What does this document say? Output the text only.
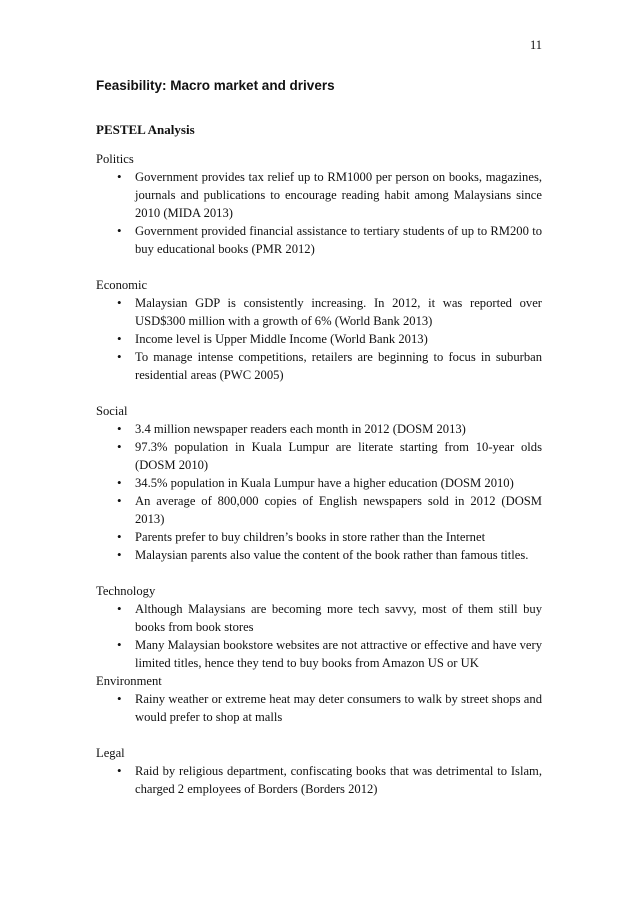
11
Feasibility: Macro market and drivers
PESTEL Analysis

Politics

• Government provides tax relief up to RM1000 per person on books, magazines, journals and publications to encourage reading habit among Malaysians since 2010 (MIDA 2013)
• Government provided financial assistance to tertiary students of up to RM200 to buy educational books (PMR 2012)

Economic

• Malaysian GDP is consistently increasing. In 2012, it was reported over USD$300 million with a growth of 6% (World Bank 2013)
• Income level is Upper Middle Income (World Bank 2013)
• To manage intense competitions, retailers are beginning to focus in suburban residential areas (PWC 2005)

Social

• 3.4 million newspaper readers each month in 2012 (DOSM 2013)
• 97.3% population in Kuala Lumpur are literate starting from 10-year olds (DOSM 2010)
• 34.5% population in Kuala Lumpur have a higher education (DOSM 2010)
• An average of 800,000 copies of English newspapers sold in 2012 (DOSM 2013)
• Parents prefer to buy children’s books in store rather than the Internet
• Malaysian parents also value the content of the book rather than famous titles.

Technology

• Although Malaysians are becoming more tech savvy, most of them still buy books from book stores
• Many Malaysian bookstore websites are not attractive or effective and have very limited titles, hence they tend to buy books from Amazon US or UK

Environment

• Rainy weather or extreme heat may deter consumers to walk by street shops and would prefer to shop at malls

Legal

• Raid by religious department, confiscating books that was detrimental to Islam, charged 2 employees of Borders (Borders 2012)
